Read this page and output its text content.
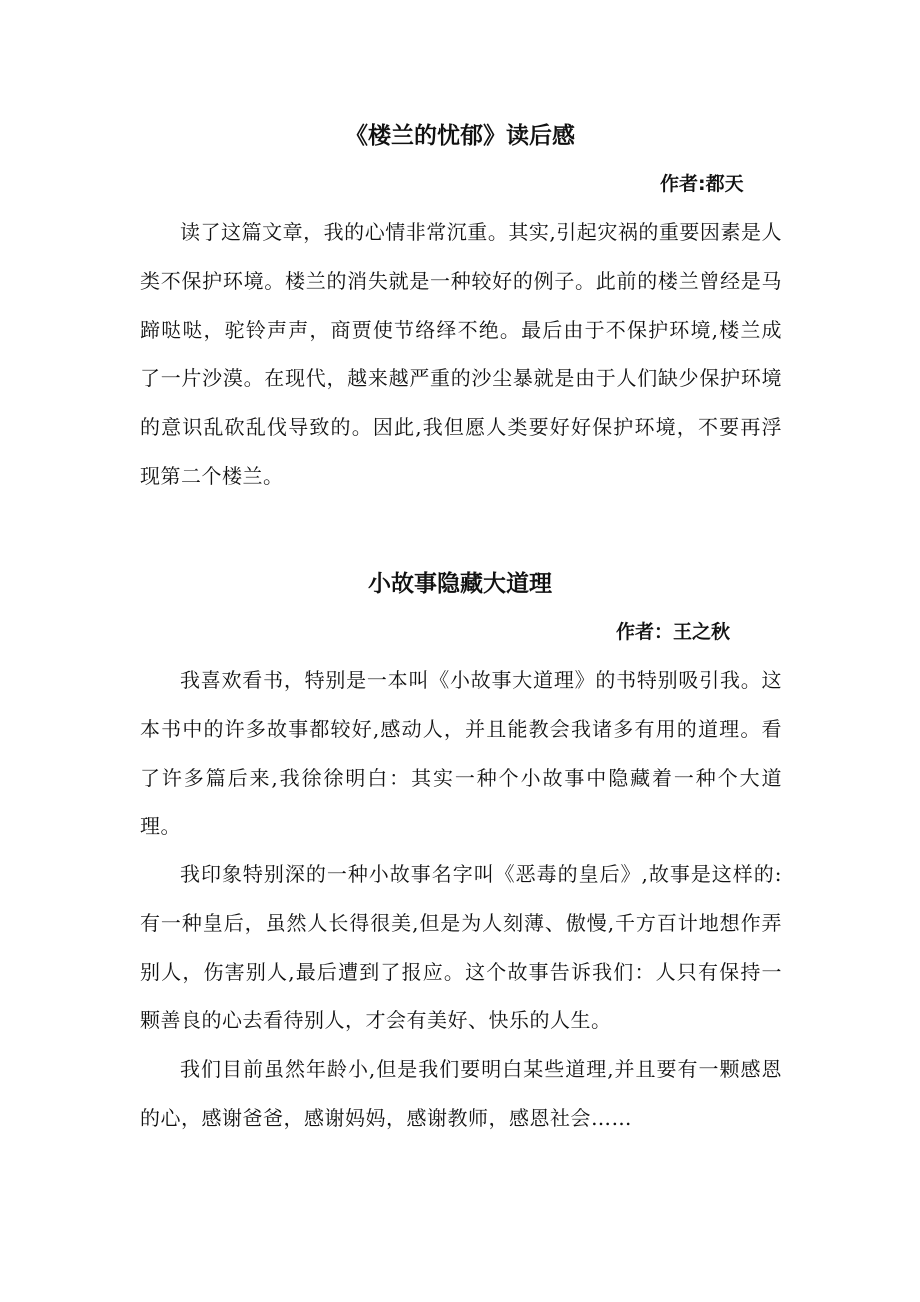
《楼兰的忧郁》读后感
作者:都天

读了这篇文章，我的心情非常沉重。其实,引起灾祸的重要因素是人类不保护环境。楼兰的消失就是一种较好的例子。此前的楼兰曾经是马蹄哒哒，驼铃声声，商贾使节络绎不绝。最后由于不保护环境,楼兰成了一片沙漠。在现代，越来越严重的沙尘暴就是由于人们缺少保护环境的意识乱砍乱伐导致的。因此,我但愿人类要好好保护环境，不要再浮现第二个楼兰。

小故事隐藏大道理
作者：王之秋

我喜欢看书，特别是一本叫《小故事大道理》的书特别吸引我。这本书中的许多故事都较好,感动人，并且能教会我诸多有用的道理。看了许多篇后来,我徐徐明白：其实一种个小故事中隐藏着一种个大道理。

我印象特别深的一种小故事名字叫《恶毒的皇后》,故事是这样的:有一种皇后，虽然人长得很美,但是为人刻薄、傲慢,千方百计地想作弄别人，伤害别人,最后遭到了报应。这个故事告诉我们：人只有保持一颗善良的心去看待别人，才会有美好、快乐的人生。

我们目前虽然年龄小,但是我们要明白某些道理,并且要有一颗感恩的心，感谢爸爸，感谢妈妈，感谢教师，感恩社会……
